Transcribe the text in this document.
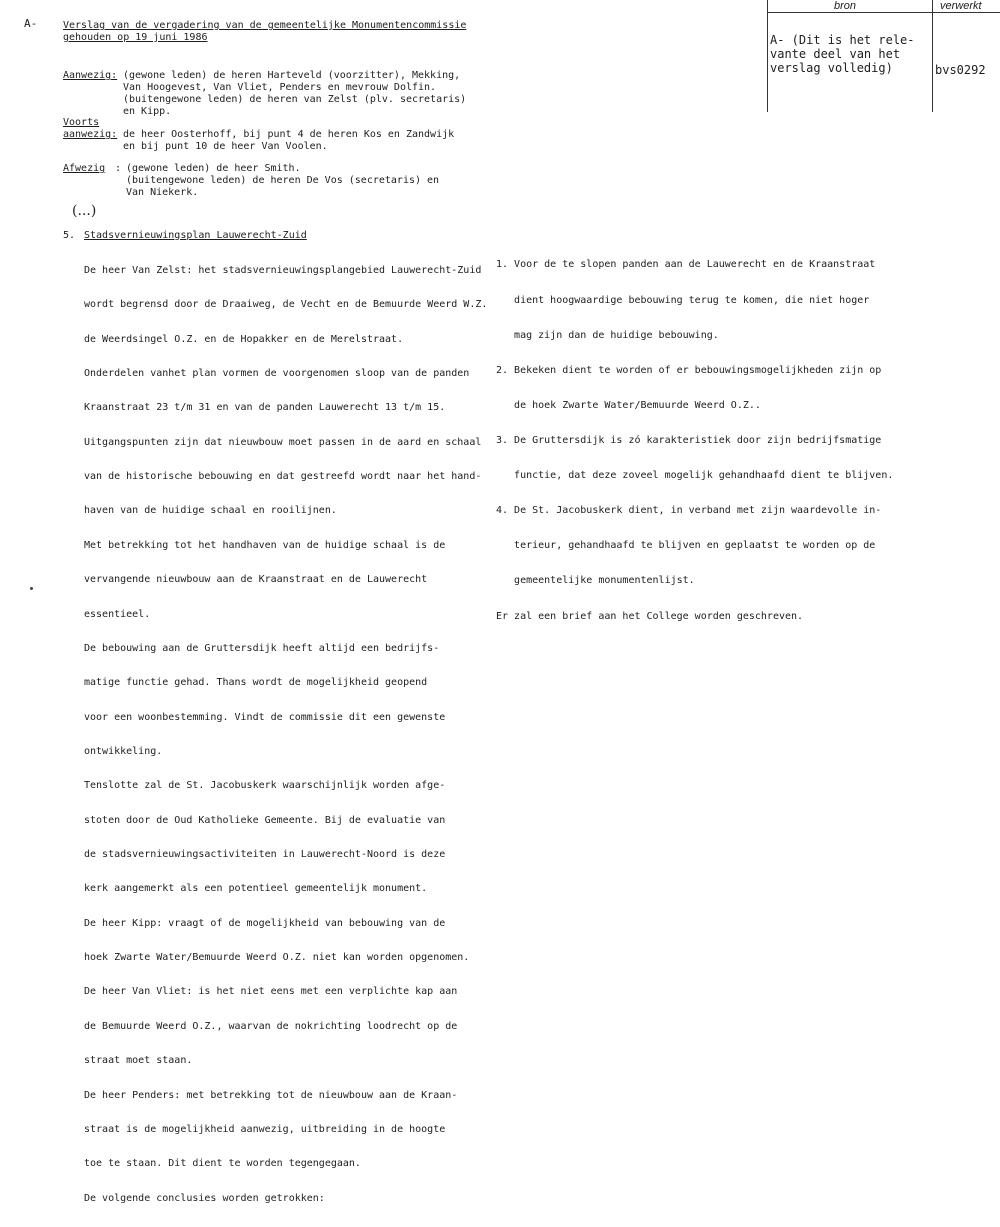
A-	Verslag van de vergadering van de gemeentelijke Monumentencommissie
gehouden op 19 juni 1986
bron	verwerkt
A- (Dit is het rele-
vante deel van het
verslag volledig)	bvs0292
Aanwezig: (gewone leden) de heren Harteveld (voorzitter), Mekking,
Van Hoogevest, Van Vliet, Penders en mevrouw Dolfin.
(buitengewone leden) de heren van Zelst (plv. secretaris)
en Kipp.
Voorts
aanwezig: de heer Oosterhoff, bij punt 4 de heren Kos en Zandwijk
en bij punt 10 de heer Van Voolen.
Afwezig : (gewone leden) de heer Smith.
(buitengewone leden) de heren De Vos (secretaris) en
Van Niekerk.
(...)
5. Stadsvernieuwingsplan Lauwerecht-Zuid

De heer Van Zelst: het stadsvernieuwingsplangebied Lauwerecht-Zuid

wordt begrensd door de Draaiweg, de Vecht en de Bemuurde Weerd W.Z.

de Weerdsingel O.Z. en de Hopakker en de Merelstraat.

Onderdelen vanhet plan vormen de voorgenomen sloop van de panden

Kraanstraat 23 t/m 31 en van de panden Lauwerecht 13 t/m 15.

Uitgangspunten zijn dat nieuwbouw moet passen in de aard en schaal

van de historische bebouwing en dat gestreefd wordt naar het hand-

haven van de huidige schaal en rooilijnen.

Met betrekking tot het handhaven van de huidige schaal is de

vervangende nieuwbouw aan de Kraanstraat en de Lauwerecht

essentieel.

De bebouwing aan de Gruttersdijk heeft altijd een bedrijfs-

matige functie gehad. Thans wordt de mogelijkheid geopend

voor een woonbestemming. Vindt de commissie dit een gewenste

ontwikkeling.

Tenslotte zal de St. Jacobuskerk waarschijnlijk worden afge-

stoten door de Oud Katholieke Gemeente. Bij de evaluatie van

de stadsvernieuwingsactiviteiten in Lauwerecht-Noord is deze

kerk aangemerkt als een potentieel gemeentelijk monument.

De heer Kipp: vraagt of de mogelijkheid van bebouwing van de

hoek Zwarte Water/Bemuurde Weerd O.Z. niet kan worden opgenomen.

De heer Van Vliet: is het niet eens met een verplichte kap aan

de Bemuurde Weerd O.Z., waarvan de nokrichting loodrecht op de

straat moet staan.

De heer Penders: met betrekking tot de nieuwbouw aan de Kraan-

straat is de mogelijkheid aanwezig, uitbreiding in de hoogte

toe te staan. Dit dient te worden tegengegaan.

De volgende conclusies worden getrokken:

1. Voor de te slopen panden aan de Lauwerecht en de Kraanstraat

dient hoogwaardige bebouwing terug te komen, die niet hoger

mag zijn dan de huidige bebouwing.

2. Bekeken dient te worden of er bebouwingsmogelijkheden zijn op

de hoek Zwarte Water/Bemuurde Weerd O.Z..

3. De Gruttersdijk is zó karakteristiek door zijn bedrijfsmatige

functie, dat deze zoveel mogelijk gehandhaafd dient te blijven.

4. De St. Jacobuskerk dient, in verband met zijn waardevolle in-

terieur, gehandhaafd te blijven en geplaatst te worden op de

gemeentelijke monumentenlijst.

Er zal een brief aan het College worden geschreven.
